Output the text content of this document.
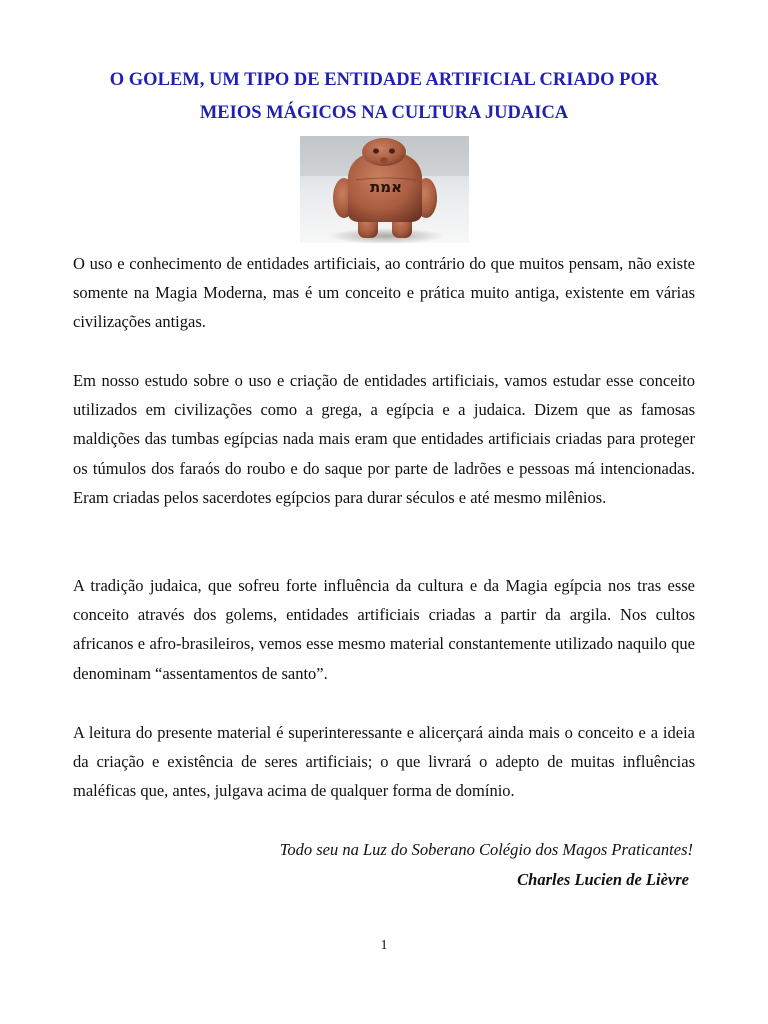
O GOLEM, UM TIPO DE ENTIDADE ARTIFICIAL CRIADO POR
MEIOS MÁGICOS NA CULTURA JUDAICA
אמת

O uso e conhecimento de entidades artificiais, ao contrário do que muitos pensam, não existe somente na Magia Moderna, mas é um conceito e prática muito antiga, existente em várias civilizações antigas.

Em nosso estudo sobre o uso e criação de entidades artificiais, vamos estudar esse conceito utilizados em civilizações como a grega, a egípcia e a judaica. Dizem que as famosas maldições das tumbas egípcias nada mais eram que entidades artificiais criadas para proteger os túmulos dos faraós do roubo e do saque por parte de ladrões e pessoas má intencionadas. Eram criadas pelos sacerdotes egípcios para durar séculos e até mesmo milênios.

A tradição judaica, que sofreu forte influência da cultura e da Magia egípcia nos tras esse conceito através dos golems, entidades artificiais criadas a partir da argila. Nos cultos africanos e afro-brasileiros, vemos esse mesmo material constantemente utilizado naquilo que denominam “assentamentos de santo”.

A leitura do presente material é superinteressante e alicerçará ainda mais o conceito e a ideia da criação e existência de seres artificiais; o que livrará o adepto de muitas influências maléficas que, antes, julgava acima de qualquer forma de domínio.

Todo seu na Luz do Soberano Colégio dos Magos Praticantes!
Charles Lucien de Lièvre
1
